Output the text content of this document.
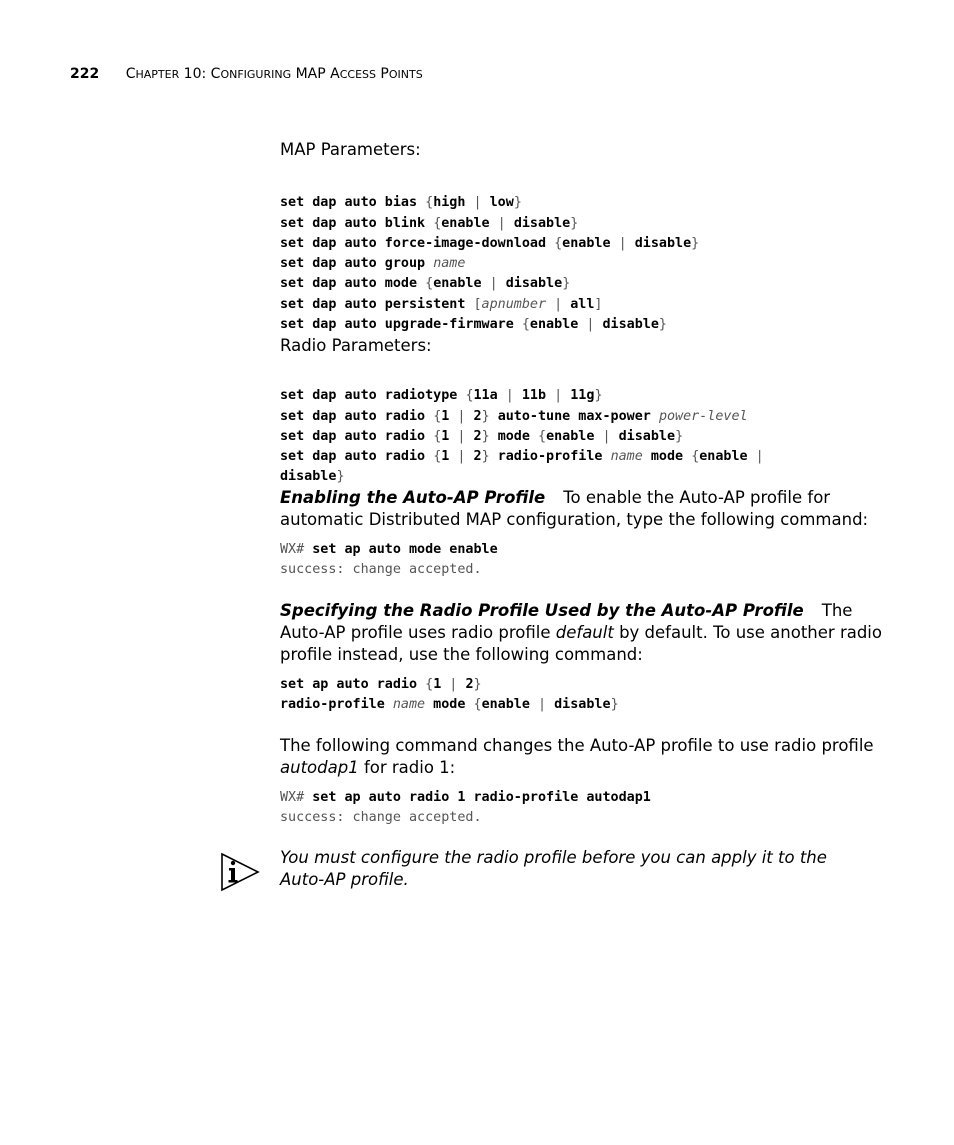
222 CHAPTER 10: CONFIGURING MAP ACCESS POINTS
MAP Parameters:

set dap auto bias {high | low}
set dap auto blink {enable | disable}
set dap auto force-image-download {enable | disable}
set dap auto group name
set dap auto mode {enable | disable}
set dap auto persistent [apnumber | all]
set dap auto upgrade-firmware {enable | disable}
Radio Parameters:

set dap auto radiotype {11a | 11b | 11g}
set dap auto radio {1 | 2} auto-tune max-power power-level
set dap auto radio {1 | 2} mode {enable | disable}
set dap auto radio {1 | 2} radio-profile name mode {enable |
disable}
Enabling the Auto-AP Profile To enable the Auto-AP profile for
automatic Distributed MAP configuration, type the following command:
WX# set ap auto mode enable
success: change accepted.
Specifying the Radio Profile Used by the Auto-AP Profile The
Auto-AP profile uses radio profile default by default. To use another radio
profile instead, use the following command:
set ap auto radio {1 | 2}
radio-profile name mode {enable | disable}
The following command changes the Auto-AP profile to use radio profile
autodap1 for radio 1:
WX# set ap auto radio 1 radio-profile autodap1
success: change accepted.
You must configure the radio profile before you can apply it to the
Auto-AP profile.
